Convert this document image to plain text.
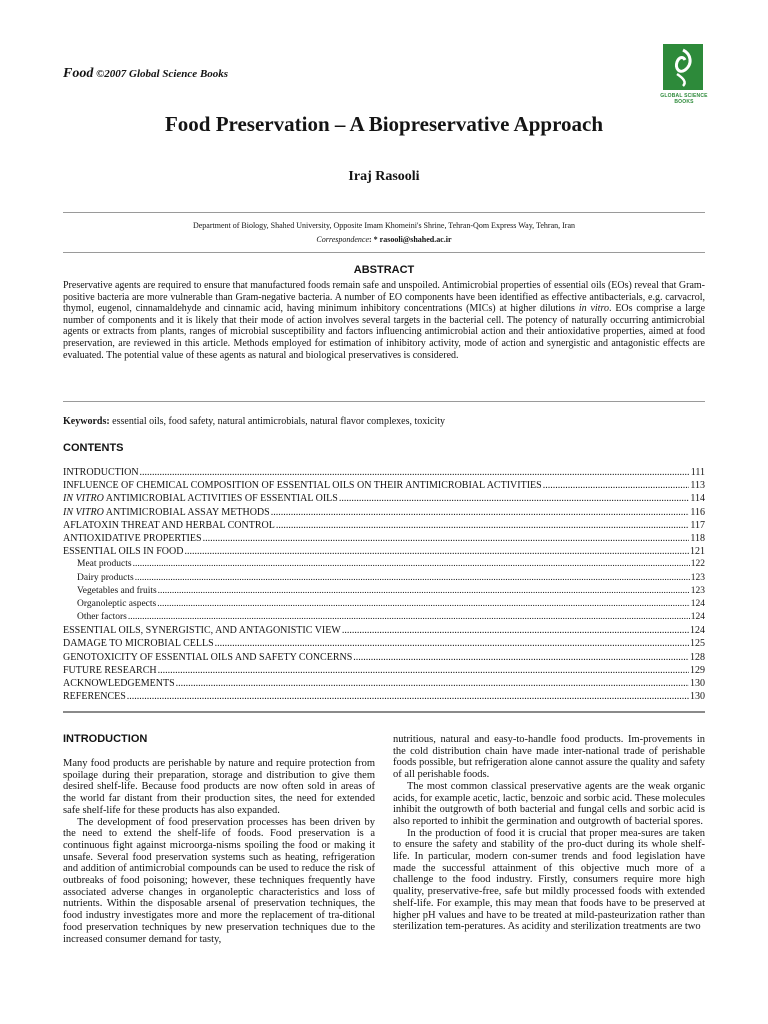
Food ©2007 Global Science Books
GLOBAL SCIENCE
BOOKS
Food Preservation – A Biopreservative Approach
Iraj Rasooli
Department of Biology, Shahed University, Opposite Imam Khomeini's Shrine, Tehran-Qom Express Way, Tehran, Iran
Correspondence: * rasooli@shahed.ac.ir
ABSTRACT

Preservative agents are required to ensure that manufactured foods remain safe and unspoiled. Antimicrobial properties of essential oils (EOs) reveal that Gram-positive bacteria are more vulnerable than Gram-negative bacteria. A number of EO components have been identified as effective antibacterials, e.g. carvacrol, thymol, eugenol, cinnamaldehyde and cinnamic acid, having minimum inhibitory concentrations (MICs) at higher dilutions in vitro. EOs comprise a large number of components and it is likely that their mode of action involves several targets in the bacterial cell. The potency of naturally occurring antimicrobial agents or extracts from plants, ranges of microbial susceptibility and factors influencing antimicrobial action and their antioxidative properties, aimed at food preservation, are reviewed in this article. Methods employed for estimation of inhibitory activity, mode of action and synergistic and antagonistic effects are evaluated. The potential value of these agents as natural and biological preservatives is considered.

Keywords: essential oils, food safety, natural antimicrobials, natural flavor complexes, toxicity
CONTENTS
INTRODUCTION .....	111
INFLUENCE OF CHEMICAL COMPOSITION OF ESSENTIAL OILS ON THEIR ANTIMICROBIAL ACTIVITIES .....	113
IN VITRO ANTIMICROBIAL ACTIVITIES OF ESSENTIAL OILS .....	114
IN VITRO ANTIMICROBIAL ASSAY METHODS .....	116
AFLATOXIN THREAT AND HERBAL CONTROL .....	117
ANTIOXIDATIVE PROPERTIES .....	118
ESSENTIAL OILS IN FOOD .....	121
Meat products .....	122
Dairy products .....	123
Vegetables and fruits .....	123
Organoleptic aspects .....	124
Other factors .....	124
ESSENTIAL OILS, SYNERGISTIC, AND ANTAGONISTIC VIEW .....	124
DAMAGE TO MICROBIAL CELLS .....	125
GENOTOXICITY OF ESSENTIAL OILS AND SAFETY CONCERNS .....	128
FUTURE RESEARCH .....	129
ACKNOWLEDGEMENTS .....	130
REFERENCES .....	130
INTRODUCTION

Many food products are perishable by nature and require protection from spoilage during their preparation, storage and distribution to give them desired shelf-life. Because food products are now often sold in areas of the world far distant from their production sites, the need for extended safe shelf-life for these products has also expanded.

The development of food preservation processes has been driven by the need to extend the shelf-life of foods. Food preservation is a continuous fight against microorga-nisms spoiling the food or making it unsafe. Several food preservation systems such as heating, refrigeration and addition of antimicrobial compounds can be used to reduce the risk of outbreaks of food poisoning; however, these techniques frequently have associated adverse changes in organoleptic characteristics and loss of nutrients. Within the disposable arsenal of preservation techniques, the food industry investigates more and more the replacement of tra-ditional food preservation techniques by new preservation techniques due to the increased consumer demand for tasty,

nutritious, natural and easy-to-handle food products. Im-provements in the cold distribution chain have made inter-national trade of perishable foods possible, but refrigeration alone cannot assure the quality and safety of all perishable foods.

The most common classical preservative agents are the weak organic acids, for example acetic, lactic, benzoic and sorbic acid. These molecules inhibit the outgrowth of both bacterial and fungal cells and sorbic acid is also reported to inhibit the germination and outgrowth of bacterial spores.

In the production of food it is crucial that proper mea-sures are taken to ensure the safety and stability of the pro-duct during its whole shelf-life. In particular, modern con-sumer trends and food legislation have made the successful attainment of this objective much more of a challenge to the food industry. Firstly, consumers require more high quality, preservative-free, safe but mildly processed foods with extended shelf-life. For example, this may mean that foods have to be preserved at higher pH values and have to be treated at mild-pasteurization rather than sterilization tem-peratures. As acidity and sterilization treatments are two
